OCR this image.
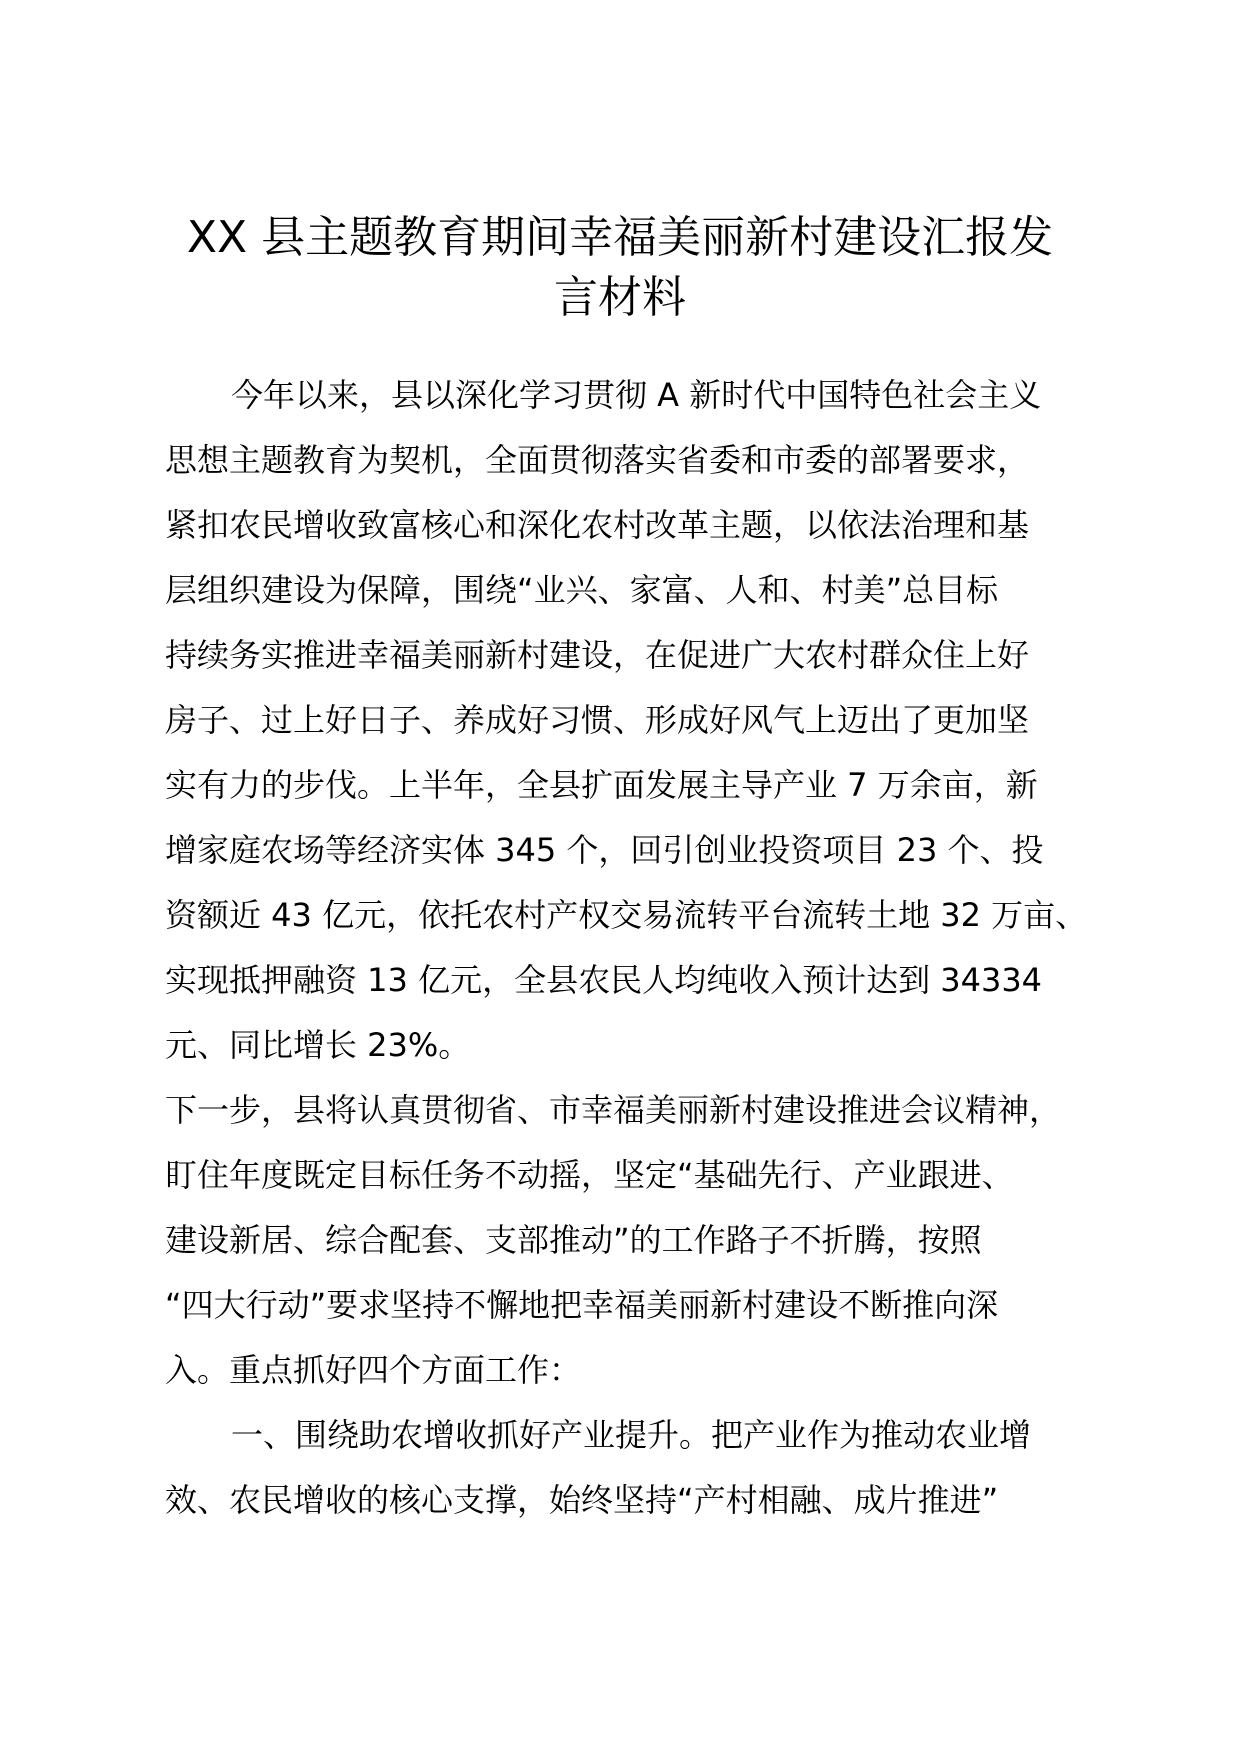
XX 县主题教育期间幸福美丽新村建设汇报发
言材料

今年以来，县以深化学习贯彻 A 新时代中国特色社会主义
思想主题教育为契机，全面贯彻落实省委和市委的部署要求，
紧扣农民增收致富核心和深化农村改革主题，以依法治理和基
层组织建设为保障，围绕“业兴、家富、人和、村美”总目标
持续务实推进幸福美丽新村建设，在促进广大农村群众住上好
房子、过上好日子、养成好习惯、形成好风气上迈出了更加坚
实有力的步伐。上半年，全县扩面发展主导产业 7 万余亩，新
增家庭农场等经济实体 345 个，回引创业投资项目 23 个、投
资额近 43 亿元，依托农村产权交易流转平台流转土地 32 万亩、
实现抵押融资 13 亿元，全县农民人均纯收入预计达到 34334
元、同比增长 23%。

下一步，县将认真贯彻省、市幸福美丽新村建设推进会议精神，
盯住年度既定目标任务不动摇，坚定“基础先行、产业跟进、
建设新居、综合配套、支部推动”的工作路子不折腾，按照
“四大行动”要求坚持不懈地把幸福美丽新村建设不断推向深
入。重点抓好四个方面工作：

一、围绕助农增收抓好产业提升。把产业作为推动农业增
效、农民增收的核心支撑，始终坚持“产村相融、成片推进”
